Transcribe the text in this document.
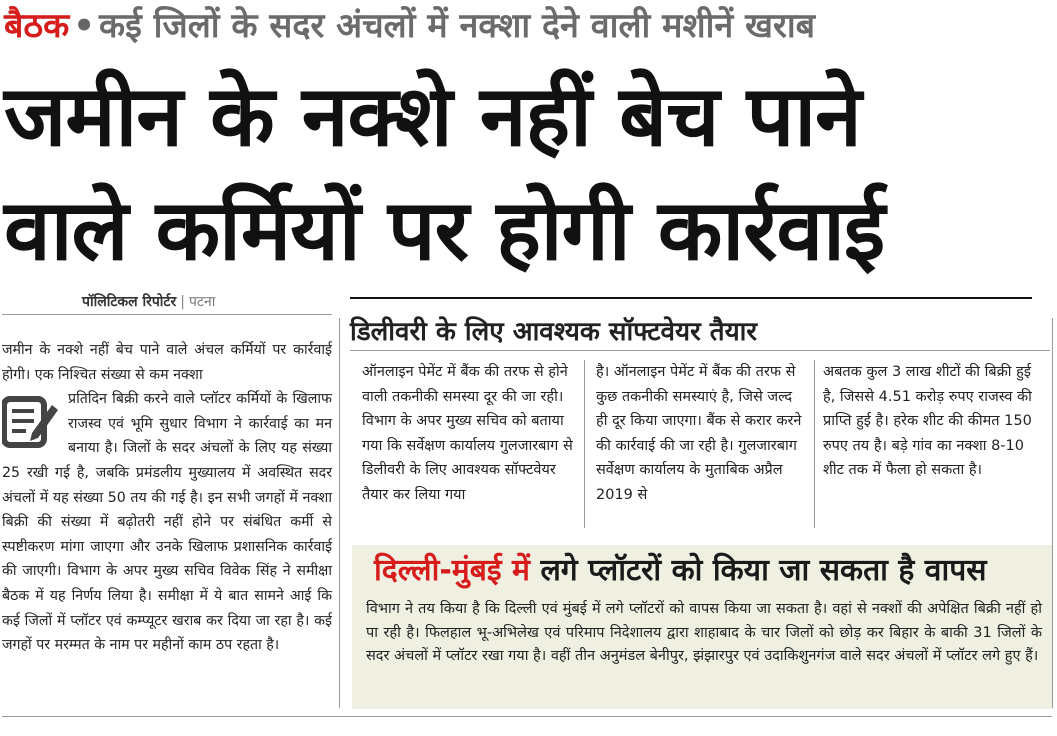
बैठक • कई जिलों के सदर अंचलों में नक्शा देने वाली मशीनें खराब
जमीन के नक्शे नहीं बेच पाने
वाले कर्मियों पर होगी कार्रवाई
पॉलिटिकल रिपोर्टर | पटना

जमीन के नक्शे नहीं बेच पाने वाले अंचल कर्मियों पर कार्रवाई होगी। एक निश्चित संख्या से कम नक्शा

प्रतिदिन बिक्री करने वाले प्लॉटर कर्मियों के खिलाफ राजस्व एवं भूमि सुधार विभाग ने कार्रवाई का मन बनाया है। जिलों के सदर अंचलों के लिए यह संख्या 25 रखी गई है, जबकि प्रमंडलीय मुख्यालय में अवस्थित सदर अंचलों में यह संख्या 50 तय की गई है। इन सभी जगहों में नक्शा बिक्री की संख्या में बढ़ोतरी नहीं होने पर संबंधित कर्मी से स्पष्टीकरण मांगा जाएगा और उनके खिलाफ प्रशासनिक कार्रवाई की जाएगी। विभाग के अपर मुख्य सचिव विवेक सिंह ने समीक्षा बैठक में यह निर्णय लिया है। समीक्षा में ये बात सामने आई कि कई जिलों में प्लॉटर एवं कम्प्यूटर खराब कर दिया जा रहा है। कई जगहों पर मरम्मत के नाम पर महीनों काम ठप रहता है।

डिलीवरी के लिए आवश्यक सॉफ्टवेयर तैयार
ऑनलाइन पेमेंट में बैंक की तरफ से होने वाली तकनीकी समस्या दूर की जा रही। विभाग के अपर मुख्य सचिव को बताया गया कि सर्वेक्षण कार्यालय गुलजारबाग से डिलीवरी के लिए आवश्यक सॉफ्टवेयर तैयार कर लिया गया
है। ऑनलाइन पेमेंट में बैंक की तरफ से कुछ तकनीकी समस्याएं है, जिसे जल्द ही दूर किया जाएगा। बैंक से करार करने की कार्रवाई की जा रही है। गुलजारबाग सर्वेक्षण कार्यालय के मुताबिक अप्रैल 2019 से
अबतक कुल 3 लाख शीटों की बिक्री हुई है, जिससे 4.51 करोड़ रुपए राजस्व की प्राप्ति हुई है। हरेक शीट की कीमत 150 रुपए तय है। बड़े गांव का नक्शा 8-10 शीट तक में फैला हो सकता है।
दिल्ली-मुंबई में लगे प्लॉटरों को किया जा सकता है वापस
विभाग ने तय किया है कि दिल्ली एवं मुंबई में लगे प्लॉटरों को वापस किया जा सकता है। वहां से नक्शों की अपेक्षित बिक्री नहीं हो पा रही है। फिलहाल भू-अभिलेख एवं परिमाप निदेशालय द्वारा शाहाबाद के चार जिलों को छोड़ कर बिहार के बाकी 31 जिलों के सदर अंचलों में प्लॉटर रखा गया है। वहीं तीन अनुमंडल बेनीपुर, झंझारपुर एवं उदाकिशुनगंज वाले सदर अंचलों में प्लॉटर लगे हुए हैं।
